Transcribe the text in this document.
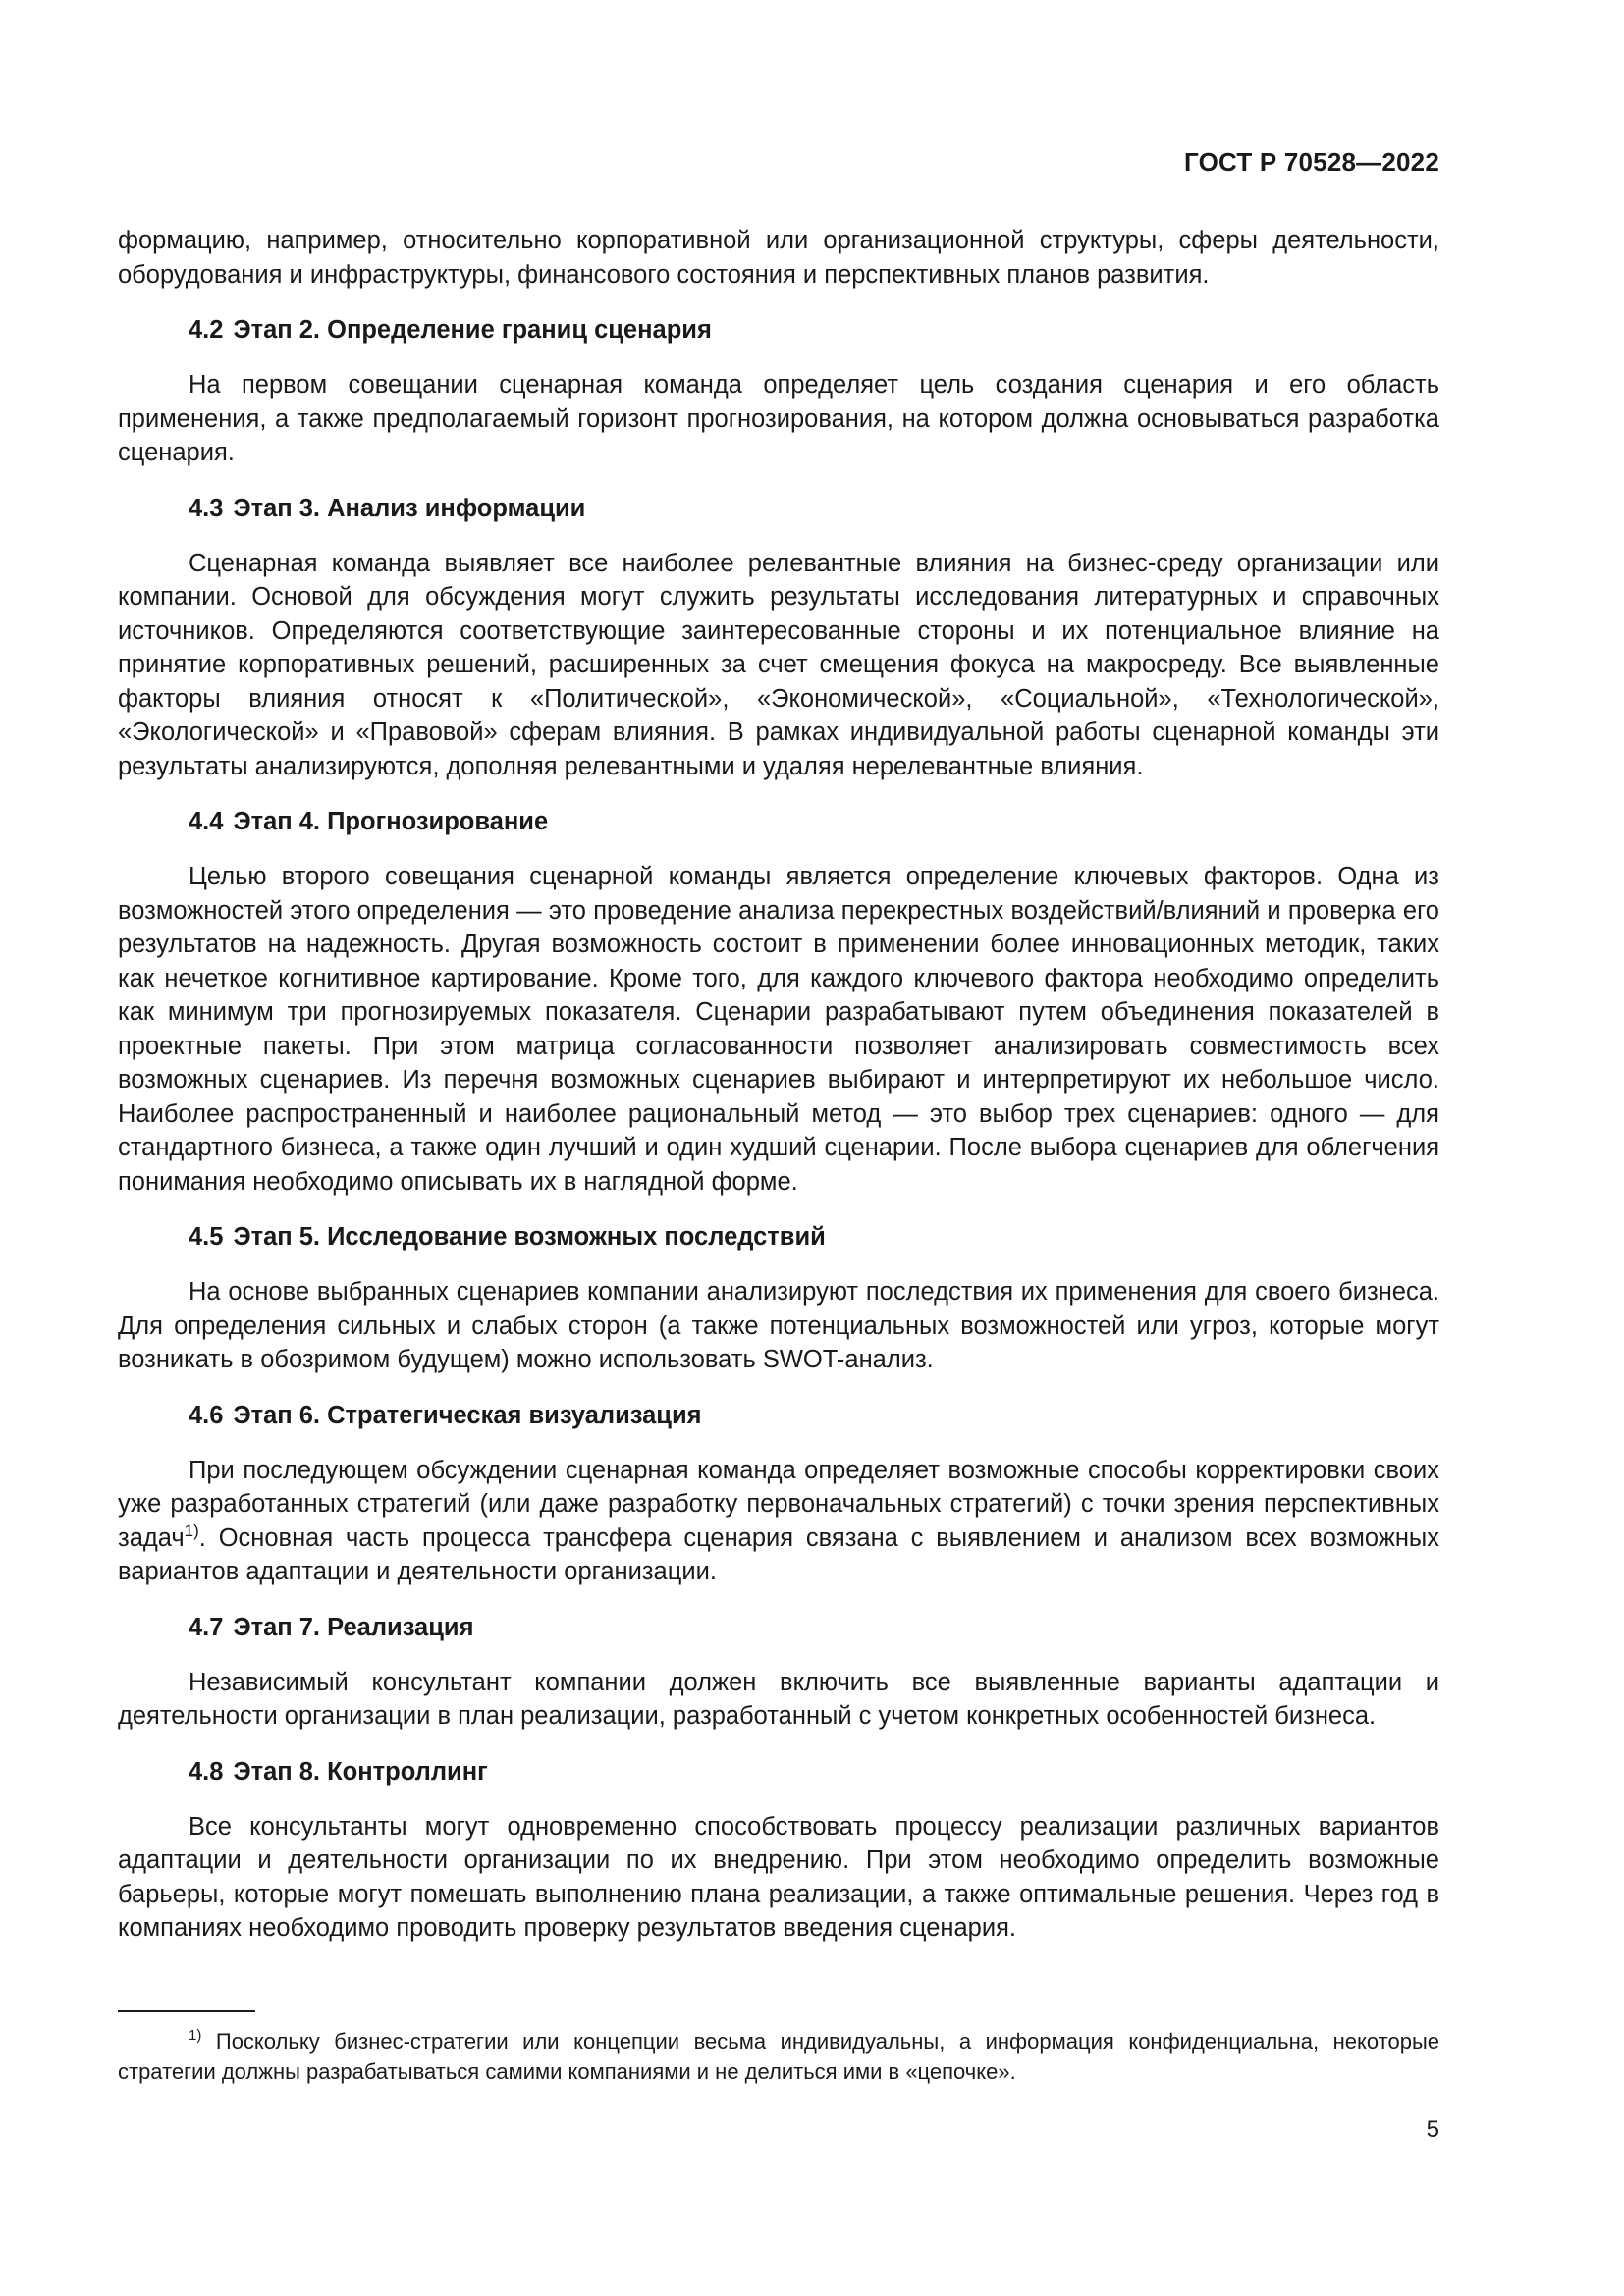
ГОСТ Р 70528—2022

формацию, например, относительно корпоративной или организационной структуры, сферы деятельности, оборудования и инфраструктуры, финансового состояния и перспективных планов развития.

4.2 Этап 2. Определение границ сценария

На первом совещании сценарная команда определяет цель создания сценария и его область применения, а также предполагаемый горизонт прогнозирования, на котором должна основываться разработка сценария.

4.3 Этап 3. Анализ информации

Сценарная команда выявляет все наиболее релевантные влияния на бизнес-среду организации или компании. Основой для обсуждения могут служить результаты исследования литературных и справочных источников. Определяются соответствующие заинтересованные стороны и их потенциальное влияние на принятие корпоративных решений, расширенных за счет смещения фокуса на макросреду. Все выявленные факторы влияния относят к «Политической», «Экономической», «Социальной», «Технологической», «Экологической» и «Правовой» сферам влияния. В рамках индивидуальной работы сценарной команды эти результаты анализируются, дополняя релевантными и удаляя нерелевантные влияния.

4.4 Этап 4. Прогнозирование

Целью второго совещания сценарной команды является определение ключевых факторов. Одна из возможностей этого определения — это проведение анализа перекрестных воздействий/влияний и проверка его результатов на надежность. Другая возможность состоит в применении более инновационных методик, таких как нечеткое когнитивное картирование. Кроме того, для каждого ключевого фактора необходимо определить как минимум три прогнозируемых показателя. Сценарии разрабатывают путем объединения показателей в проектные пакеты. При этом матрица согласованности позволяет анализировать совместимость всех возможных сценариев. Из перечня возможных сценариев выбирают и интерпретируют их небольшое число. Наиболее распространенный и наиболее рациональный метод — это выбор трех сценариев: одного — для стандартного бизнеса, а также один лучший и один худший сценарии. После выбора сценариев для облегчения понимания необходимо описывать их в наглядной форме.

4.5 Этап 5. Исследование возможных последствий

На основе выбранных сценариев компании анализируют последствия их применения для своего бизнеса. Для определения сильных и слабых сторон (а также потенциальных возможностей или угроз, которые могут возникать в обозримом будущем) можно использовать SWOT-анализ.

4.6 Этап 6. Стратегическая визуализация

При последующем обсуждении сценарная команда определяет возможные способы корректировки своих уже разработанных стратегий (или даже разработку первоначальных стратегий) с точки зрения перспективных задач$^{1)}$. Основная часть процесса трансфера сценария связана с выявлением и анализом всех возможных вариантов адаптации и деятельности организации.

4.7 Этап 7. Реализация

Независимый консультант компании должен включить все выявленные варианты адаптации и деятельности организации в план реализации, разработанный с учетом конкретных особенностей бизнеса.

4.8 Этап 8. Контроллинг

Все консультанты могут одновременно способствовать процессу реализации различных вариантов адаптации и деятельности организации по их внедрению. При этом необходимо определить возможные барьеры, которые могут помешать выполнению плана реализации, а также оптимальные решения. Через год в компаниях необходимо проводить проверку результатов введения сценария.

$^{1)}$ Поскольку бизнес-стратегии или концепции весьма индивидуальны, а информация конфиденциальна, некоторые стратегии должны разрабатываться самими компаниями и не делиться ими в «цепочке».

5
